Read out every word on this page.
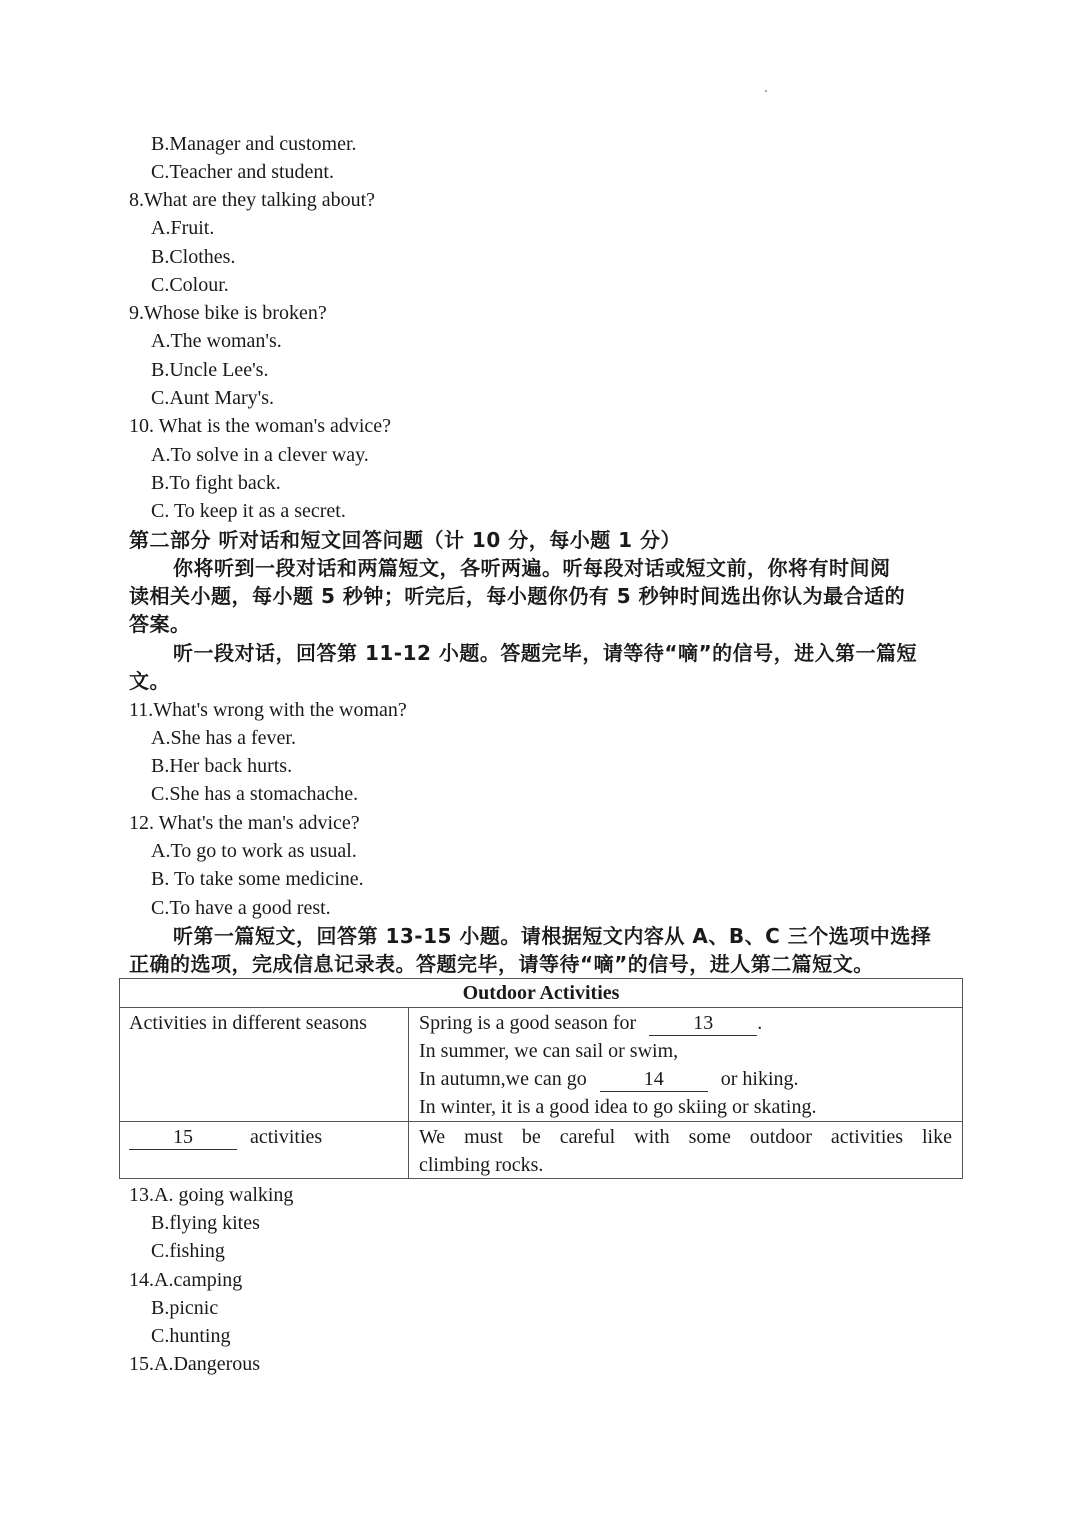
B.Manager and customer.
C.Teacher and student.
8.What are they talking about?
A.Fruit.
B.Clothes.
C.Colour.
9.Whose bike is broken?
A.The woman's.
B.Uncle Lee's.
C.Aunt Mary's.
10. What is the woman's advice?
A.To solve in a clever way.
B.To fight back.
C. To keep it as a secret.
第二部分 听对话和短文回答问题（计 10 分，每小题 1 分）
你将听到一段对话和两篇短文，各听两遍。听每段对话或短文前，你将有时间阅
读相关小题，每小题 5 秒钟；听完后，每小题你仍有 5 秒钟时间选出你认为最合适的
答案。
听一段对话，回答第 11-12 小题。答题完毕，请等待“嘀”的信号，进入第一篇短
文。
11.What's wrong with the woman?
A.She has a fever.
B.Her back hurts.
C.She has a stomachache.
12. What's the man's advice?
A.To go to work as usual.
B. To take some medicine.
C.To have a good rest.
听第一篇短文，回答第 13-15 小题。请根据短文内容从 A、B、C 三个选项中选择
正确的选项，完成信息记录表。答题完毕，请等待“嘀”的信号，进人第二篇短文。
Outdoor Activities
Activities in different seasons	Spring is a good season for	13 .
In summer, we can sail or swim,
In autumn,we can go	14	or hiking.
In winter, it is a good idea to go skiing or skating.
15	activities	We must be careful with some outdoor activities like
climbing rocks.
13.A. going walking
B.flying kites
C.fishing
14.A.camping
B.picnic
C.hunting
15.A.Dangerous
